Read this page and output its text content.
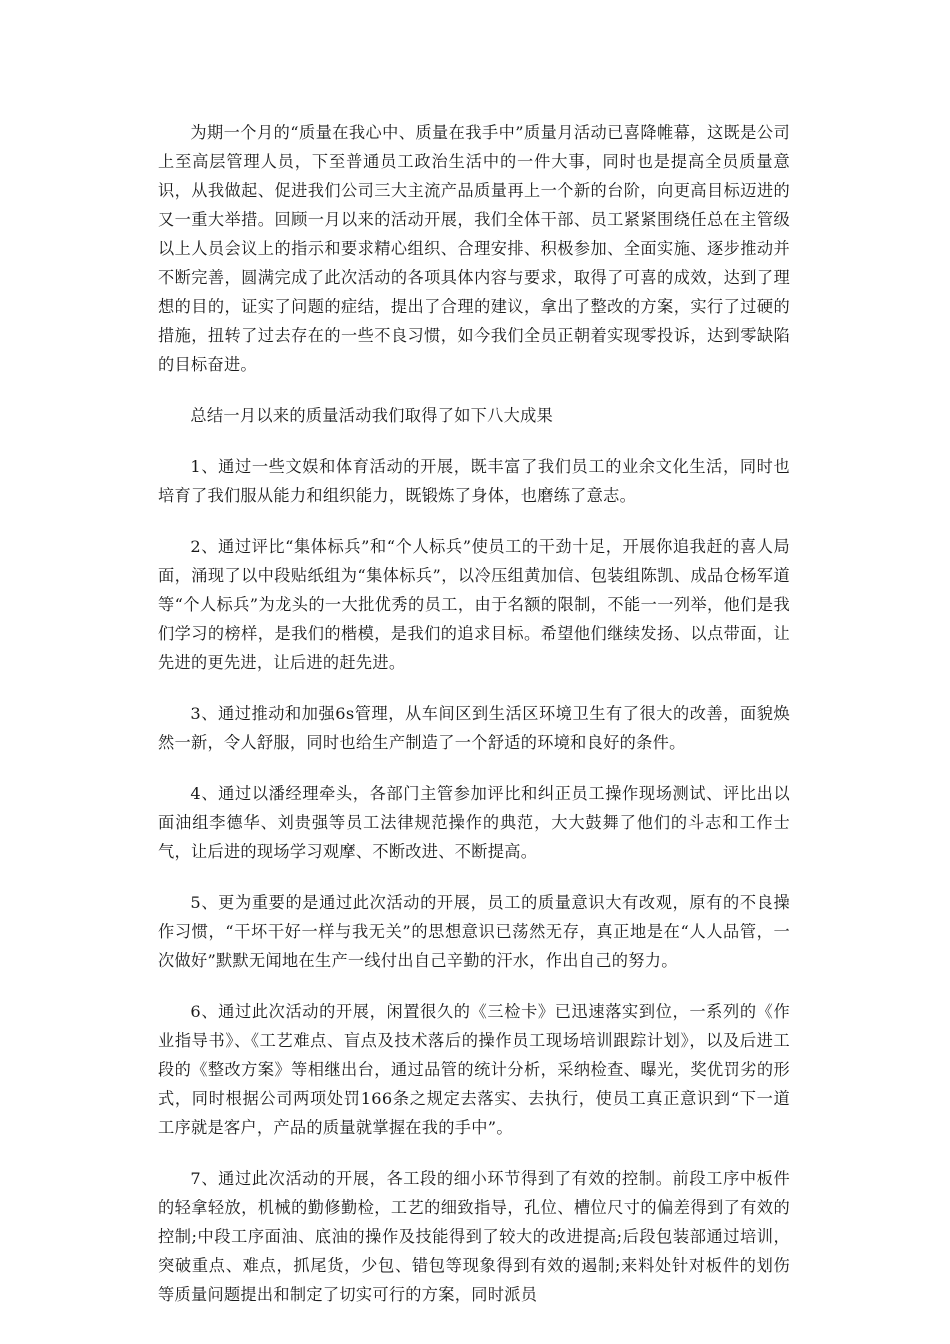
为期一个月的“质量在我心中、质量在我手中”质量月活动已喜降帷幕，这既是公司上至高层管理人员，下至普通员工政治生活中的一件大事，同时也是提高全员质量意识，从我做起、促进我们公司三大主流产品质量再上一个新的台阶，向更高目标迈进的又一重大举措。回顾一月以来的活动开展，我们全体干部、员工紧紧围绕任总在主管级以上人员会议上的指示和要求精心组织、合理安排、积极参加、全面实施、逐步推动并不断完善，圆满完成了此次活动的各项具体内容与要求，取得了可喜的成效，达到了理想的目的，证实了问题的症结，提出了合理的建议，拿出了整改的方案，实行了过硬的措施，扭转了过去存在的一些不良习惯，如今我们全员正朝着实现零投诉，达到零缺陷的目标奋进。

总结一月以来的质量活动我们取得了如下八大成果

1、通过一些文娱和体育活动的开展，既丰富了我们员工的业余文化生活，同时也培育了我们服从能力和组织能力，既锻炼了身体，也磨练了意志。

2、通过评比“集体标兵”和“个人标兵”使员工的干劲十足，开展你追我赶的喜人局面，涌现了以中段贴纸组为“集体标兵”，以冷压组黄加信、包装组陈凯、成品仓杨军道等“个人标兵”为龙头的一大批优秀的员工，由于名额的限制，不能一一列举，他们是我们学习的榜样，是我们的楷模，是我们的追求目标。希望他们继续发扬、以点带面，让先进的更先进，让后进的赶先进。

3、通过推动和加强6s管理，从车间区到生活区环境卫生有了很大的改善，面貌焕然一新，令人舒服，同时也给生产制造了一个舒适的环境和良好的条件。

4、通过以潘经理牵头，各部门主管参加评比和纠正员工操作现场测试、评比出以面油组李德华、刘贵强等员工法律规范操作的典范，大大鼓舞了他们的斗志和工作士气，让后进的现场学习观摩、不断改进、不断提高。

5、更为重要的是通过此次活动的开展，员工的质量意识大有改观，原有的不良操作习惯，“干坏干好一样与我无关”的思想意识已荡然无存，真正地是在“人人品管，一次做好”默默无闻地在生产一线付出自己辛勤的汗水，作出自己的努力。

6、通过此次活动的开展，闲置很久的《三检卡》已迅速落实到位，一系列的《作业指导书》、《工艺难点、盲点及技术落后的操作员工现场培训跟踪计划》，以及后进工段的《整改方案》等相继出台，通过品管的统计分析，采纳检查、曝光，奖优罚劣的形式，同时根据公司两项处罚166条之规定去落实、去执行，使员工真正意识到“下一道工序就是客户，产品的质量就掌握在我的手中”。

7、通过此次活动的开展，各工段的细小环节得到了有效的控制。前段工序中板件的轻拿轻放，机械的勤修勤检，工艺的细致指导，孔位、槽位尺寸的偏差得到了有效的控制;中段工序面油、底油的操作及技能得到了较大的改进提高;后段包装部通过培训，突破重点、难点，抓尾货，少包、错包等现象得到有效的遏制;来料处针对板件的划伤等质量问题提出和制定了切实可行的方案，同时派员
